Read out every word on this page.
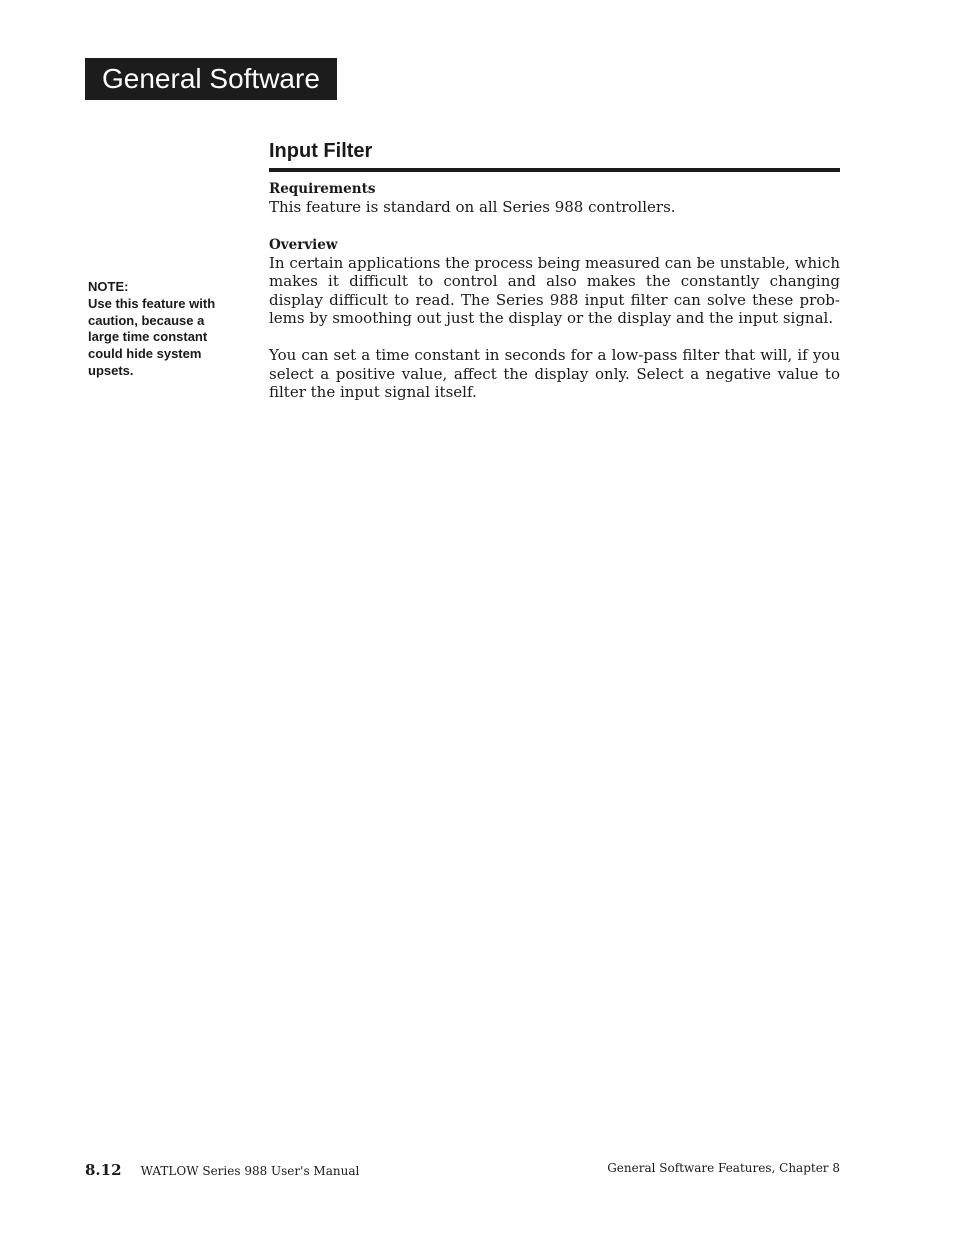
General Software
Input Filter
NOTE:
Use this feature with caution, because a large time constant could hide system upsets.
Requirements

This feature is standard on all Series 988 controllers.

Overview

In certain applications the process being measured can be unstable, which makes it difficult to control and also makes the constantly changing display difficult to read. The Series 988 input filter can solve these problems by smoothing out just the display or the display and the input signal.

You can set a time constant in seconds for a low-pass filter that will, if you select a positive value, affect the display only. Select a negative value to filter the input signal itself.

8.12 WATLOW Series 988 User's Manual	General Software Features, Chapter 8
